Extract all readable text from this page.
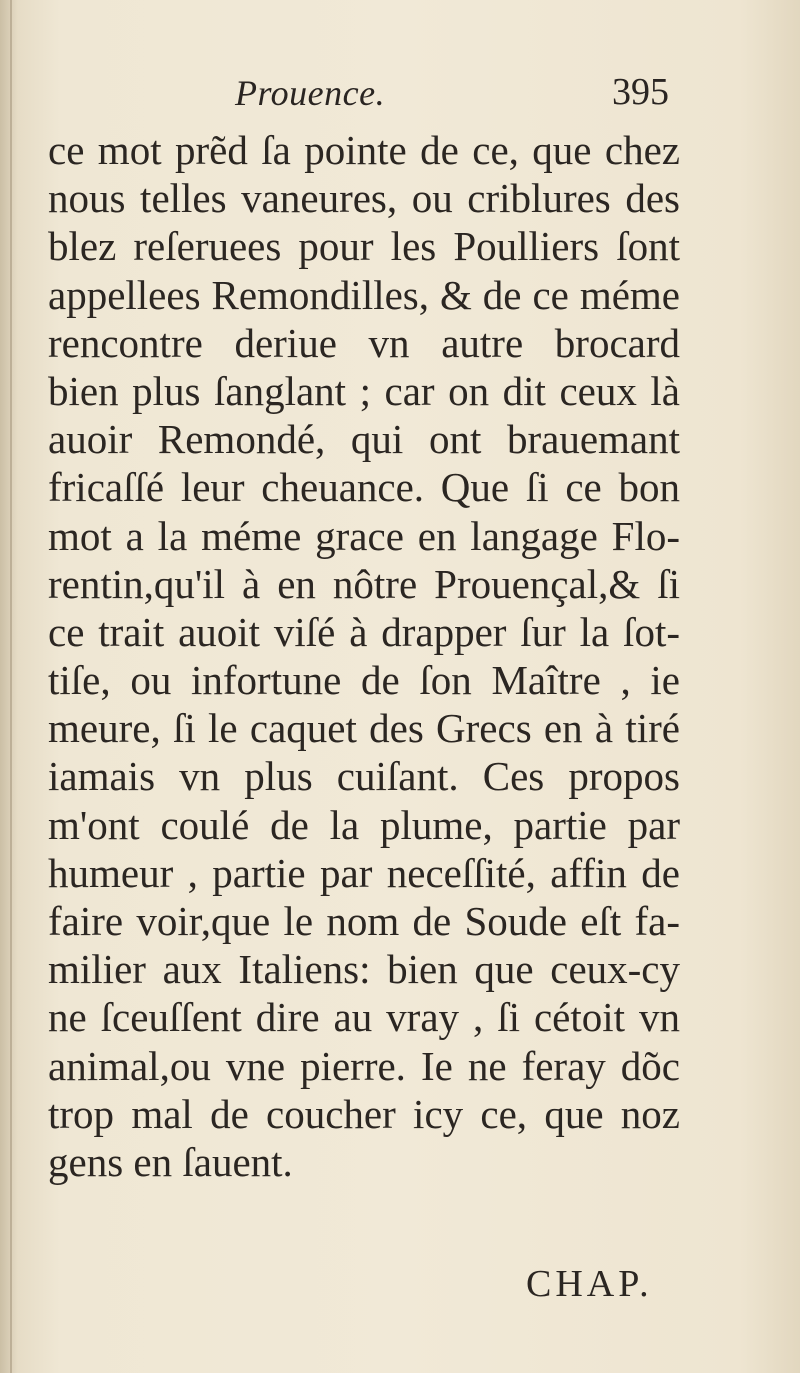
Prouence.	395
ce mot prẽd ſa pointe de ce, que chez
nous telles vaneures, ou criblures des
blez reſeruees pour les Poulliers ſont
appellees Remondilles, & de ce méme
rencontre deriue vn autre brocard
bien plus ſanglant ; car on dit ceux là
auoir Remondé, qui ont brauemant
fricaſſé leur cheuance. Que ſi ce bon
mot a la méme grace en langage Flo-
rentin,qu'il à en nôtre Prouençal,& ſi
ce trait auoit viſé à drapper ſur la ſot-
tiſe, ou infortune de ſon Maître , ie
meure, ſi le caquet des Grecs en à tiré
iamais vn plus cuiſant. Ces propos
m'ont coulé de la plume, partie par
humeur , partie par neceſſité, affin de
faire voir,que le nom de Soude eſt fa-
milier aux Italiens: bien que ceux-cy
ne ſceuſſent dire au vray , ſi cétoit vn
animal,ou vne pierre. Ie ne feray dõc
trop mal de coucher icy ce, que noz
gens en ſauent.
CHAP.
